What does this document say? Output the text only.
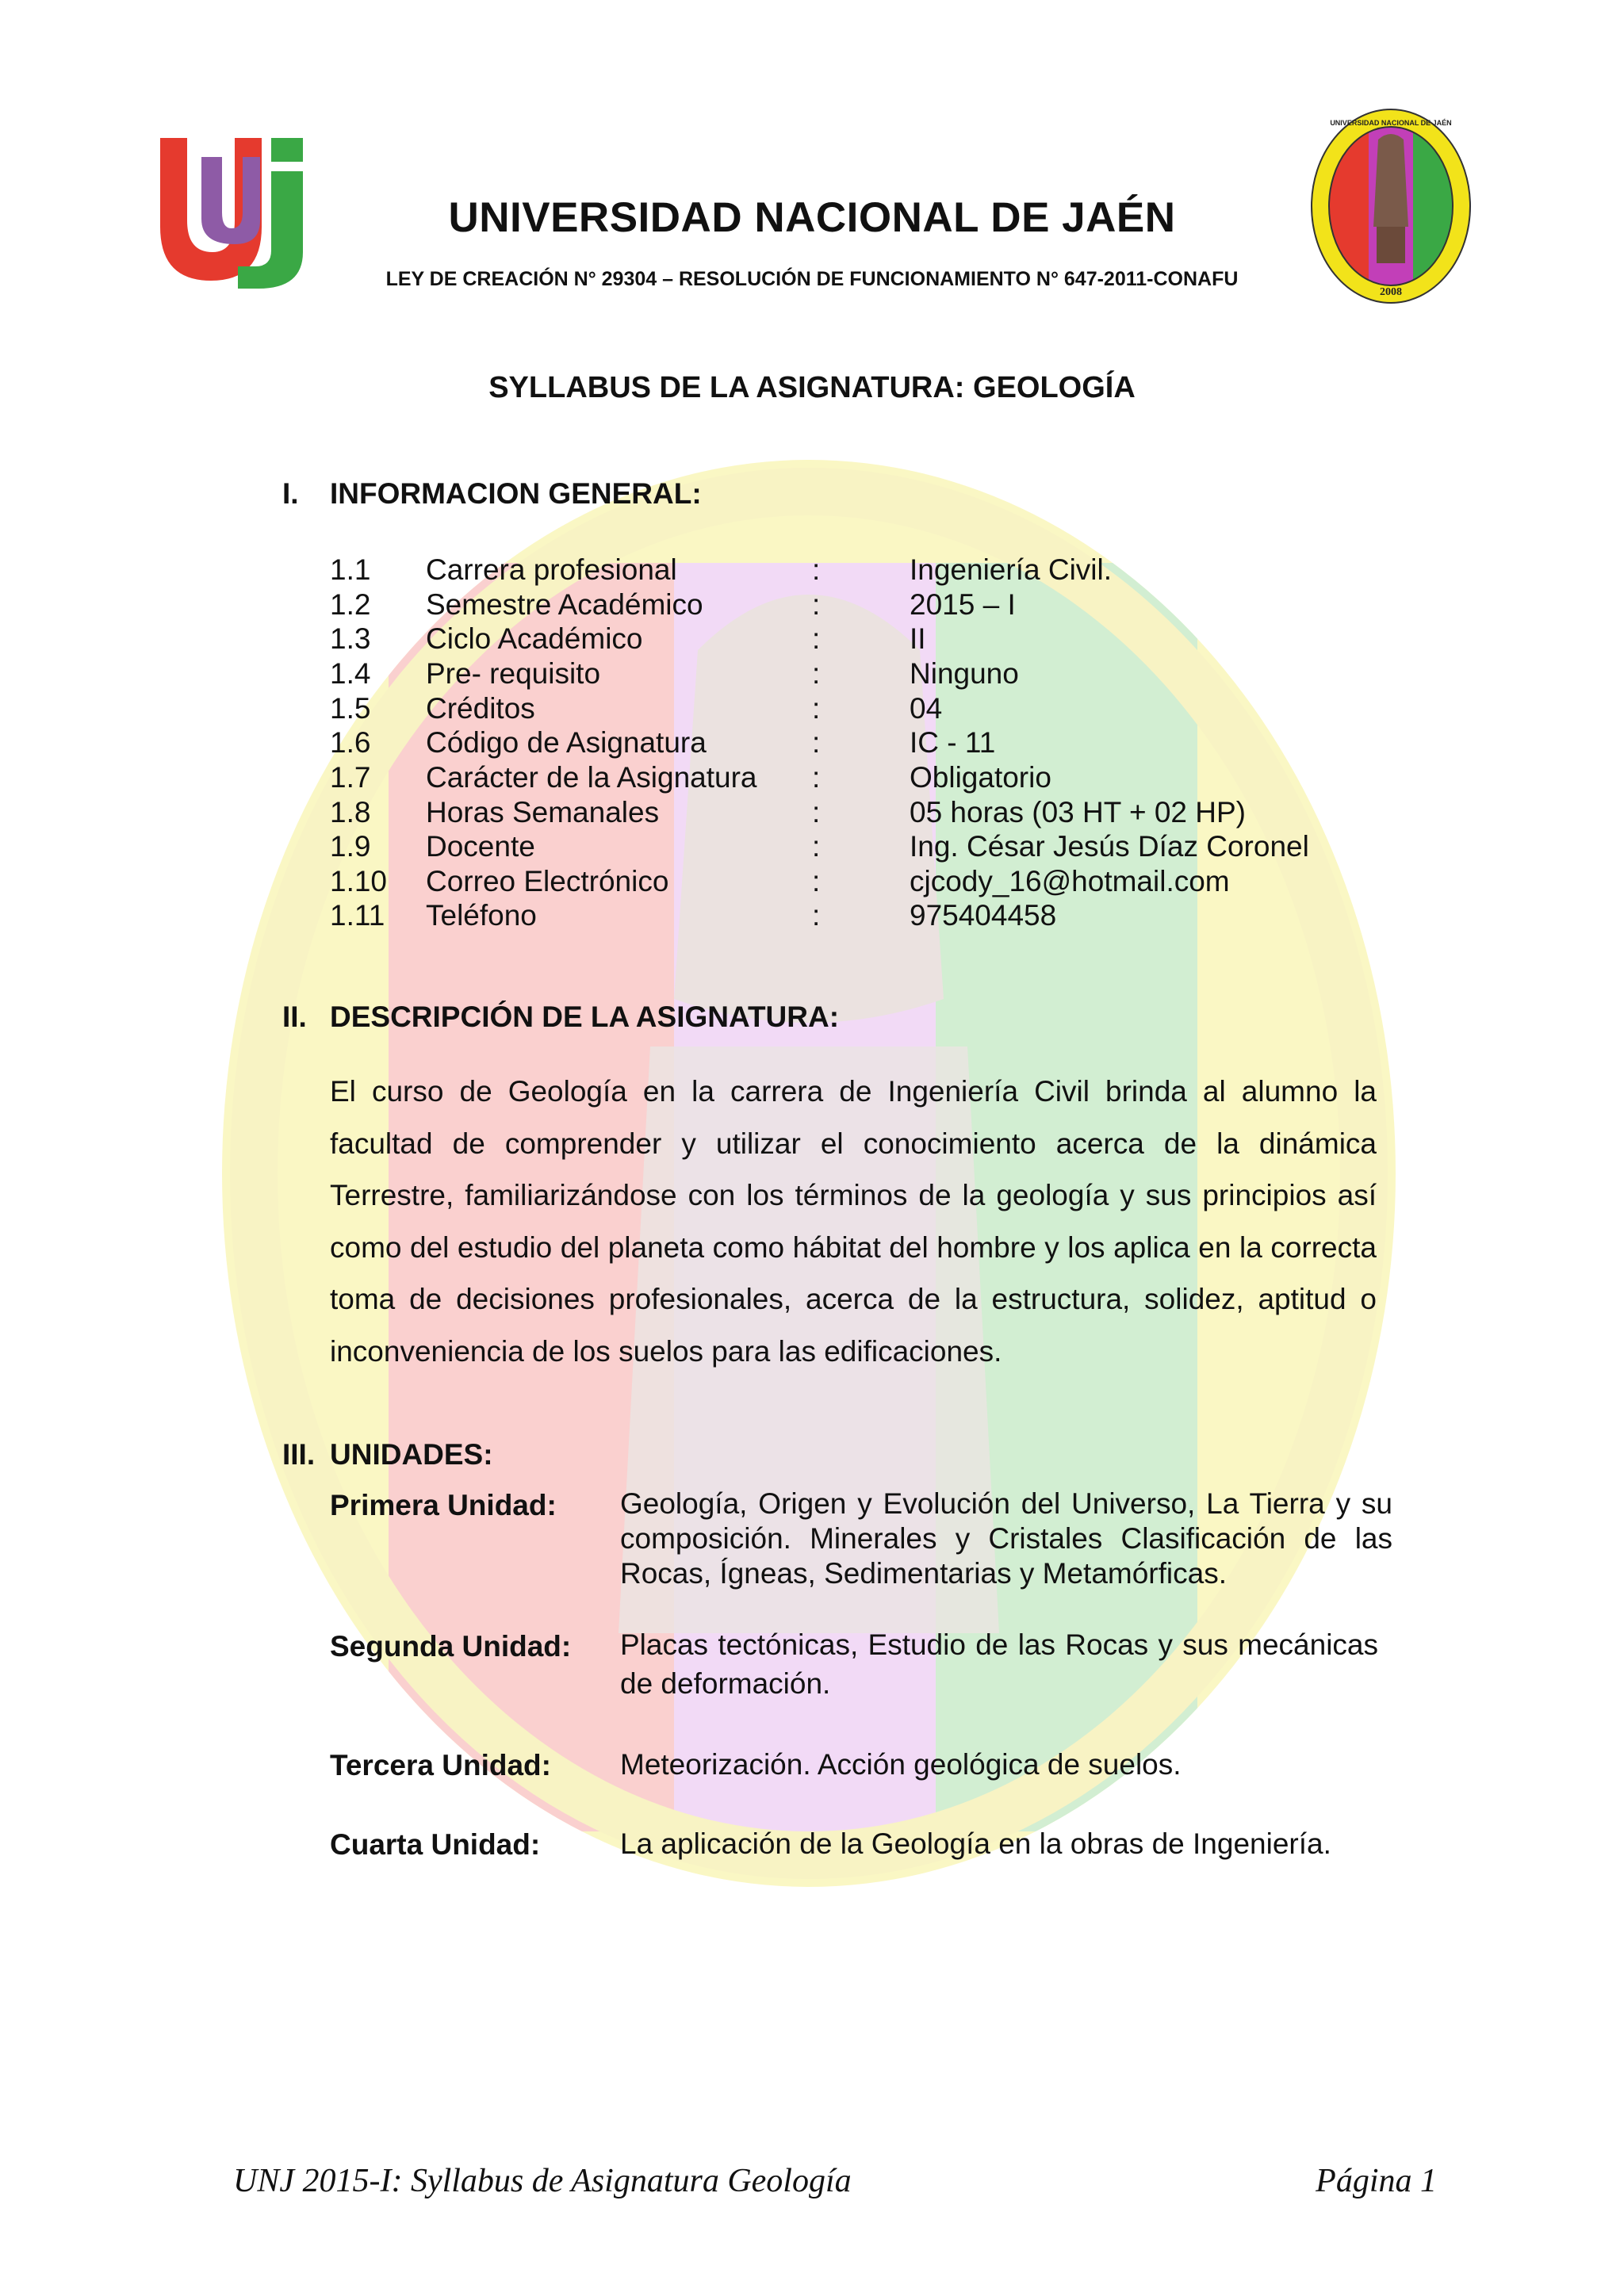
2008
UNIVERSIDAD NACIONAL DE JAÉN
UNIVERSIDAD NACIONAL DE JAÉN
LEY DE CREACIÓN N° 29304 – RESOLUCIÓN DE FUNCIONAMIENTO N° 647-2011-CONAFU
SYLLABUS DE LA ASIGNATURA: GEOLOGÍA
I. INFORMACION GENERAL:
1.1 Carrera profesional	:	Ingeniería Civil.
1.2 Semestre Académico	:	2015 – I
1.3 Ciclo Académico	:	II
1.4 Pre- requisito	:	Ninguno
1.5 Créditos	:	04
1.6 Código de Asignatura	:	IC - 11
1.7 Carácter de la Asignatura :	Obligatorio
1.8 Horas Semanales	:	05 horas (03 HT + 02 HP)
1.9 Docente	:	Ing. César Jesús Díaz Coronel
1.10 Correo Electrónico	:	cjcody_16@hotmail.com
1.11 Teléfono	:	975404458
II. DESCRIPCIÓN DE LA ASIGNATURA:
El curso de Geología en la carrera de Ingeniería Civil brinda al alumno la facultad de comprender y utilizar el conocimiento acerca de la dinámica Terrestre, familiarizándose con los términos de la geología y sus principios así como del estudio del planeta como hábitat del hombre y los aplica en la correcta toma de decisiones profesionales, acerca de la estructura, solidez, aptitud o inconveniencia de los suelos para las edificaciones.
III. UNIDADES:
Primera Unidad: Geología, Origen y Evolución del Universo, La Tierra y su composición. Minerales y Cristales Clasificación de las Rocas, Ígneas, Sedimentarias y Metamórficas.
Segunda Unidad: Placas tectónicas, Estudio de las Rocas y sus mecánicas de deformación.
Tercera Unidad: Meteorización. Acción geológica de suelos.
Cuarta Unidad:	La aplicación de la Geología en la obras de Ingeniería.
UNJ 2015-I: Syllabus de Asignatura Geología	Página 1
